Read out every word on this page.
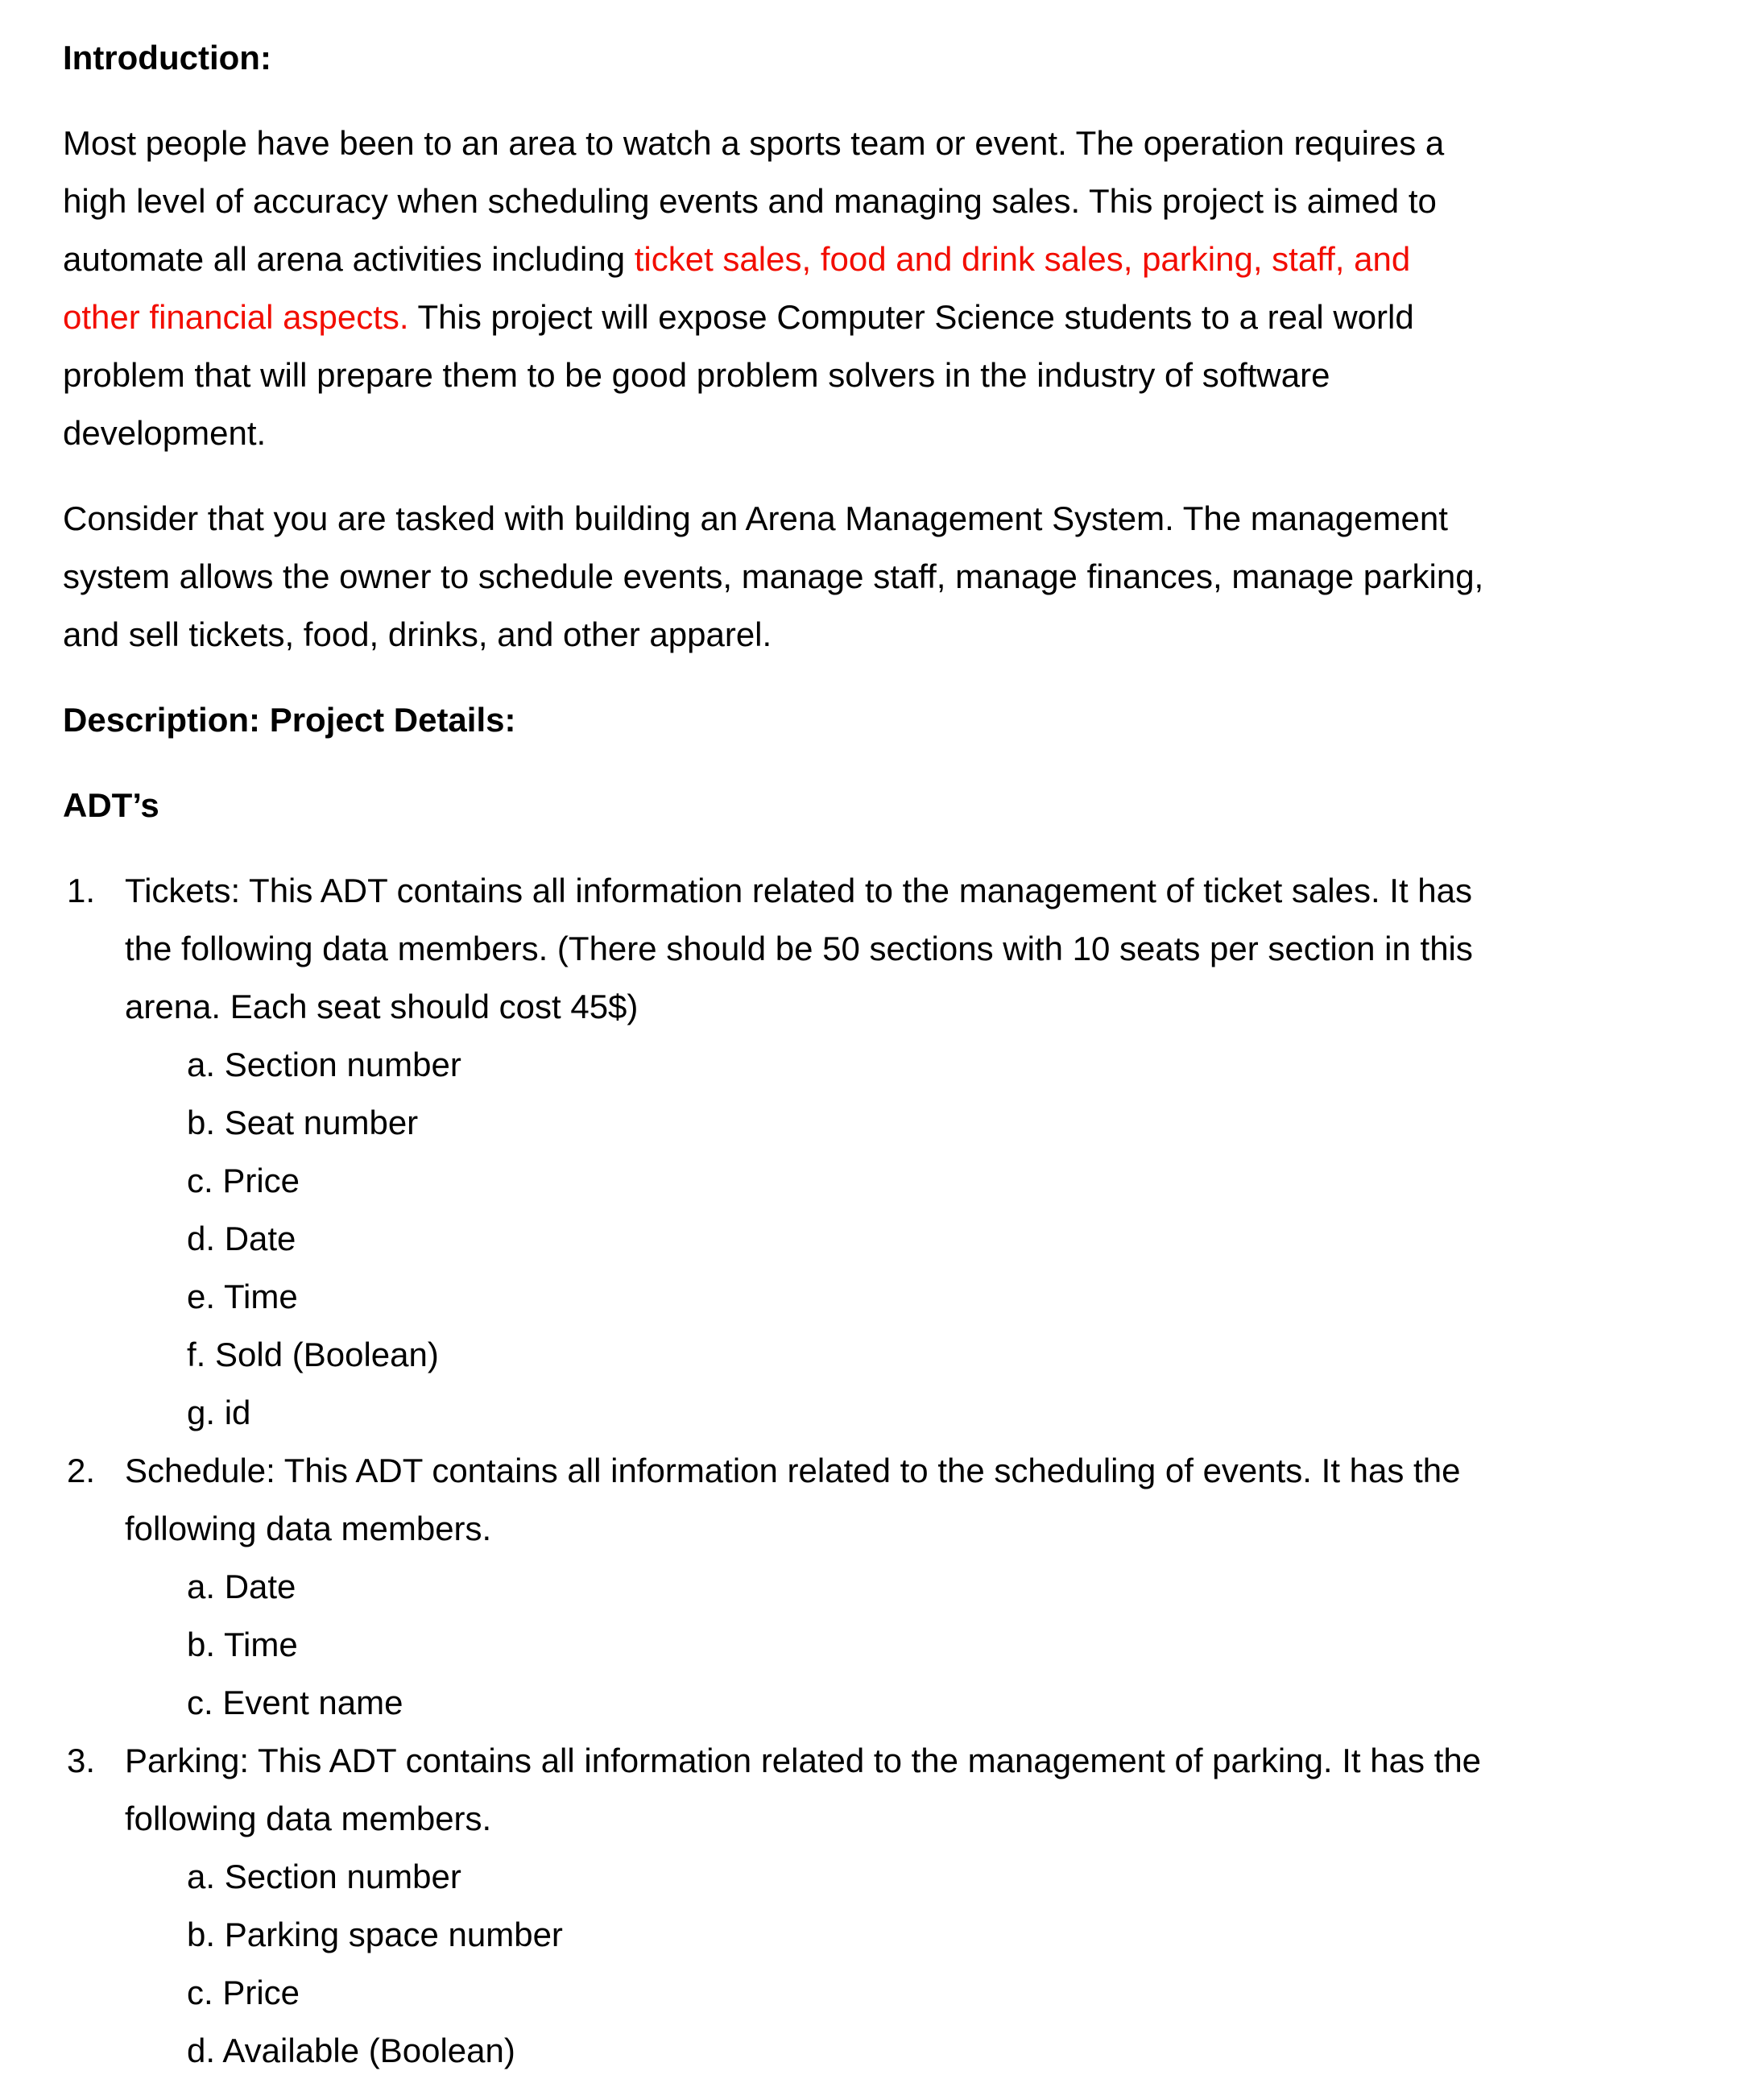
Introduction:
Most people have been to an area to watch a sports team or event. The operation requires a
high level of accuracy when scheduling events and managing sales. This project is aimed to
automate all arena activities including ticket sales, food and drink sales, parking, staff, and
other financial aspects. This project will expose Computer Science students to a real world
problem that will prepare them to be good problem solvers in the industry of software
development.
Consider that you are tasked with building an Arena Management System. The management
system allows the owner to schedule events, manage staff, manage finances, manage parking,
and sell tickets, food, drinks, and other apparel.
Description: Project Details:
ADT’s
1. Tickets: This ADT contains all information related to the management of ticket sales. It has
the following data members. (There should be 50 sections with 10 seats per section in this
arena. Each seat should cost 45$)
a. Section number
b. Seat number
c. Price
d. Date
e. Time
f. Sold (Boolean)
g. id
2. Schedule: This ADT contains all information related to the scheduling of events. It has the
following data members.
a. Date
b. Time
c. Event name
3. Parking: This ADT contains all information related to the management of parking. It has the
following data members.
a. Section number
b. Parking space number
c. Price
d. Available (Boolean)
